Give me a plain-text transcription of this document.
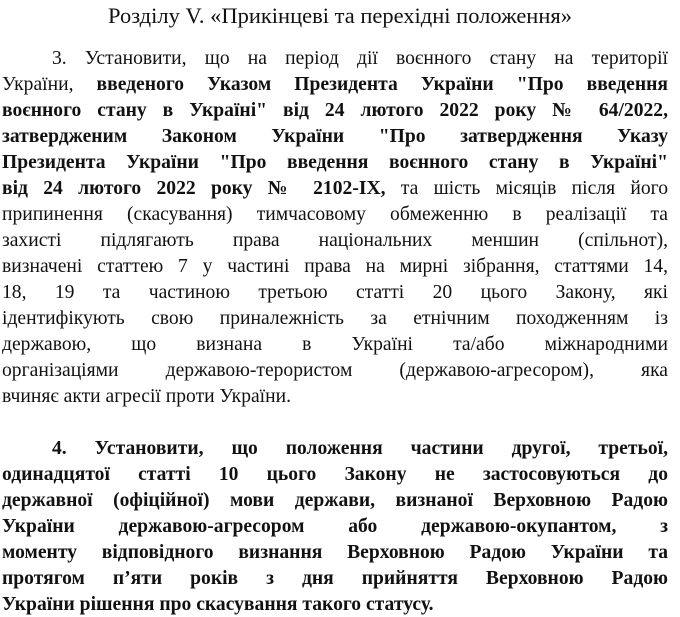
Розділу V. «Прикінцеві та перехідні положення»
3. Установити, що на період дії воєнного стану на території
України, введеного Указом Президента України "Про введення
воєнного стану в Україні" від 24 лютого 2022 року № 64/2022,
затвердженим Законом України "Про затвердження Указу
Президента України "Про введення воєнного стану в Україні"
від 24 лютого 2022 року № 2102-IX, та шість місяців після його
припинення (скасування) тимчасовому обмеженню в реалізації та
захисті підлягають права національних меншин (спільнот),
визначені статтею 7 у частині права на мирні зібрання, статтями 14,
18, 19 та частиною третьою статті 20 цього Закону, які
ідентифікують свою приналежність за етнічним походженням із
державою, що визнана в Україні та/або міжнародними
організаціями державою-терористом (державою-агресором), яка
вчиняє акти агресії проти України.
4. Установити, що положення частини другої, третьої,
одинадцятої статті 10 цього Закону не застосовуються до
державної (офіційної) мови держави, визнаної Верховною Радою
України державою-агресором або державою-окупантом, з
моменту відповідного визнання Верховною Радою України та
протягом п’яти років з дня прийняття Верховною Радою
України рішення про скасування такого статусу.
